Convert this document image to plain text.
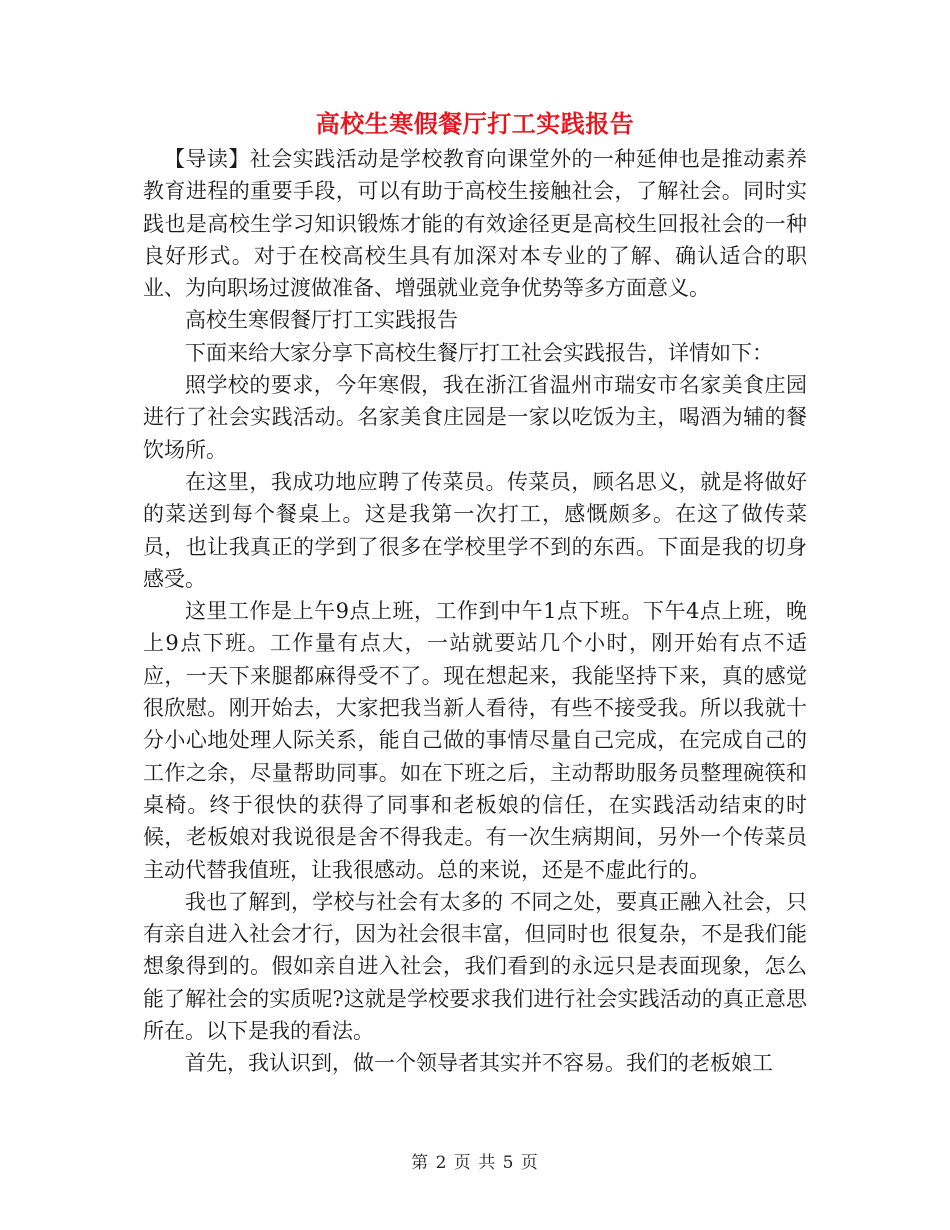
高校生寒假餐厅打工实践报告

【导读】社会实践活动是学校教育向课堂外的一种延伸也是推动素养教育进程的重要手段，可以有助于高校生接触社会，了解社会。同时实践也是高校生学习知识锻炼才能的有效途径更是高校生回报社会的一种良好形式。对于在校高校生具有加深对本专业的了解、确认适合的职业、为向职场过渡做准备、增强就业竞争优势等多方面意义。

高校生寒假餐厅打工实践报告

下面来给大家分享下高校生餐厅打工社会实践报告，详情如下：

照学校的要求，今年寒假，我在浙江省温州市瑞安市名家美食庄园进行了社会实践活动。名家美食庄园是一家以吃饭为主，喝酒为辅的餐饮场所。

在这里，我成功地应聘了传菜员。传菜员，顾名思义，就是将做好的菜送到每个餐桌上。这是我第一次打工，感慨颇多。在这了做传菜员，也让我真正的学到了很多在学校里学不到的东西。下面是我的切身感受。

这里工作是上午9点上班，工作到中午1点下班。下午4点上班，晚上9点下班。工作量有点大，一站就要站几个小时，刚开始有点不适应，一天下来腿都麻得受不了。现在想起来，我能坚持下来，真的感觉很欣慰。刚开始去，大家把我当新人看待，有些不接受我。所以我就十分小心地处理人际关系，能自己做的事情尽量自己完成，在完成自己的工作之余，尽量帮助同事。如在下班之后，主动帮助服务员整理碗筷和桌椅。终于很快的获得了同事和老板娘的信任，在实践活动结束的时候，老板娘对我说很是舍不得我走。有一次生病期间，另外一个传菜员主动代替我值班，让我很感动。总的来说，还是不虚此行的。

我也了解到，学校与社会有太多的 不同之处，要真正融入社会，只有亲自进入社会才行，因为社会很丰富，但同时也 很复杂，不是我们能想象得到的。假如亲自进入社会，我们看到的永远只是表面现象，怎么能了解社会的实质呢?这就是学校要求我们进行社会实践活动的真正意思所在。以下是我的看法。

首先，我认识到，做一个领导者其实并不容易。我们的老板娘工

第 2 页 共 5 页
